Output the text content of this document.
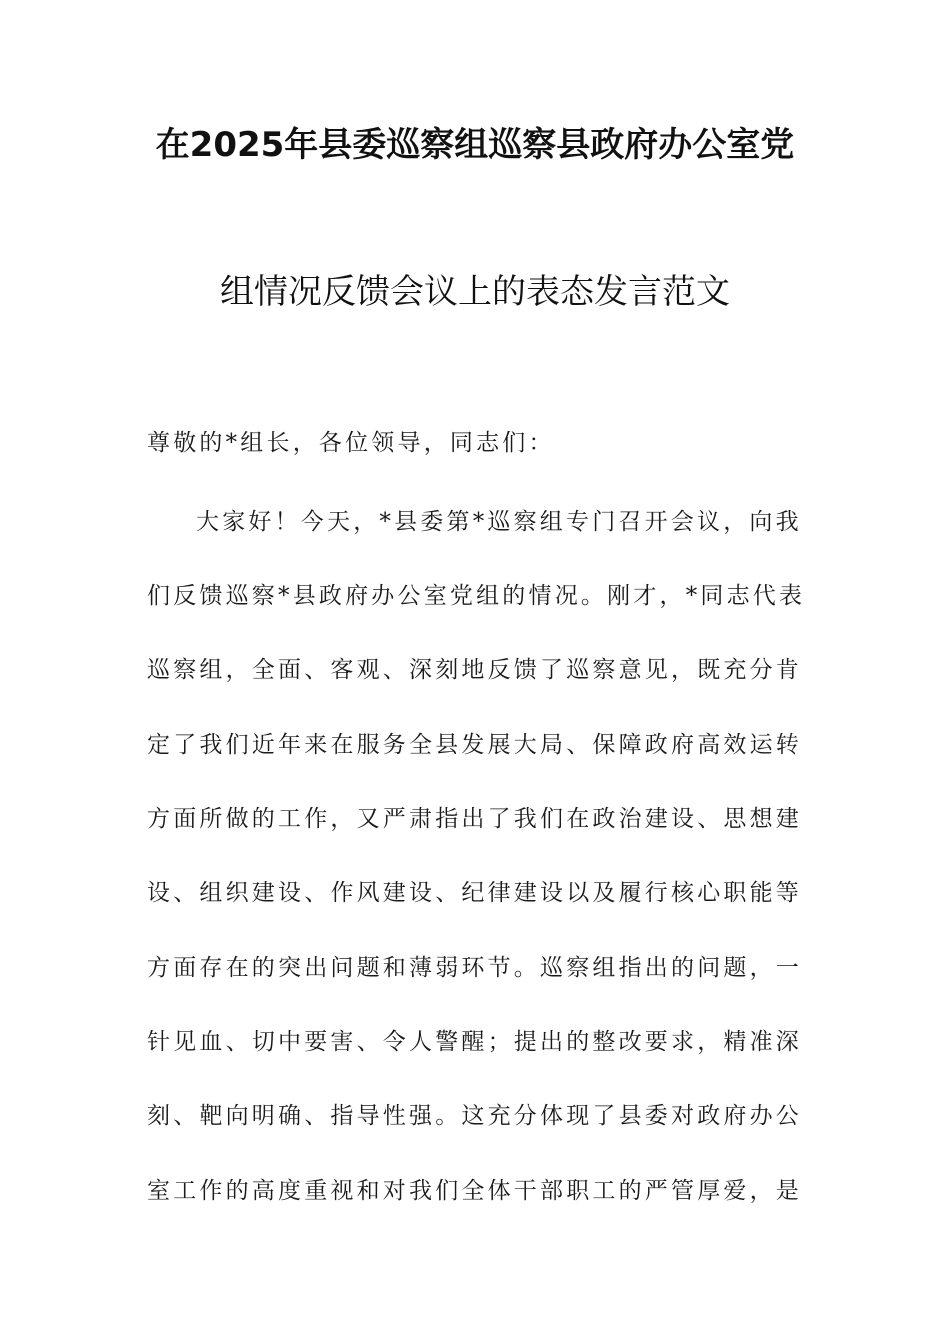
在2025年县委巡察组巡察县政府办公室党
组情况反馈会议上的表态发言范文
尊敬的*组长，各位领导，同志们：
大家好！今天，*县委第*巡察组专门召开会议，向我
们反馈巡察*县政府办公室党组的情况。刚才，*同志代表
巡察组，全面、客观、深刻地反馈了巡察意见，既充分肯
定了我们近年来在服务全县发展大局、保障政府高效运转
方面所做的工作，又严肃指出了我们在政治建设、思想建
设、组织建设、作风建设、纪律建设以及履行核心职能等
方面存在的突出问题和薄弱环节。巡察组指出的问题，一
针见血、切中要害、令人警醒；提出的整改要求，精准深
刻、靶向明确、指导性强。这充分体现了县委对政府办公
室工作的高度重视和对我们全体干部职工的严管厚爱，是
